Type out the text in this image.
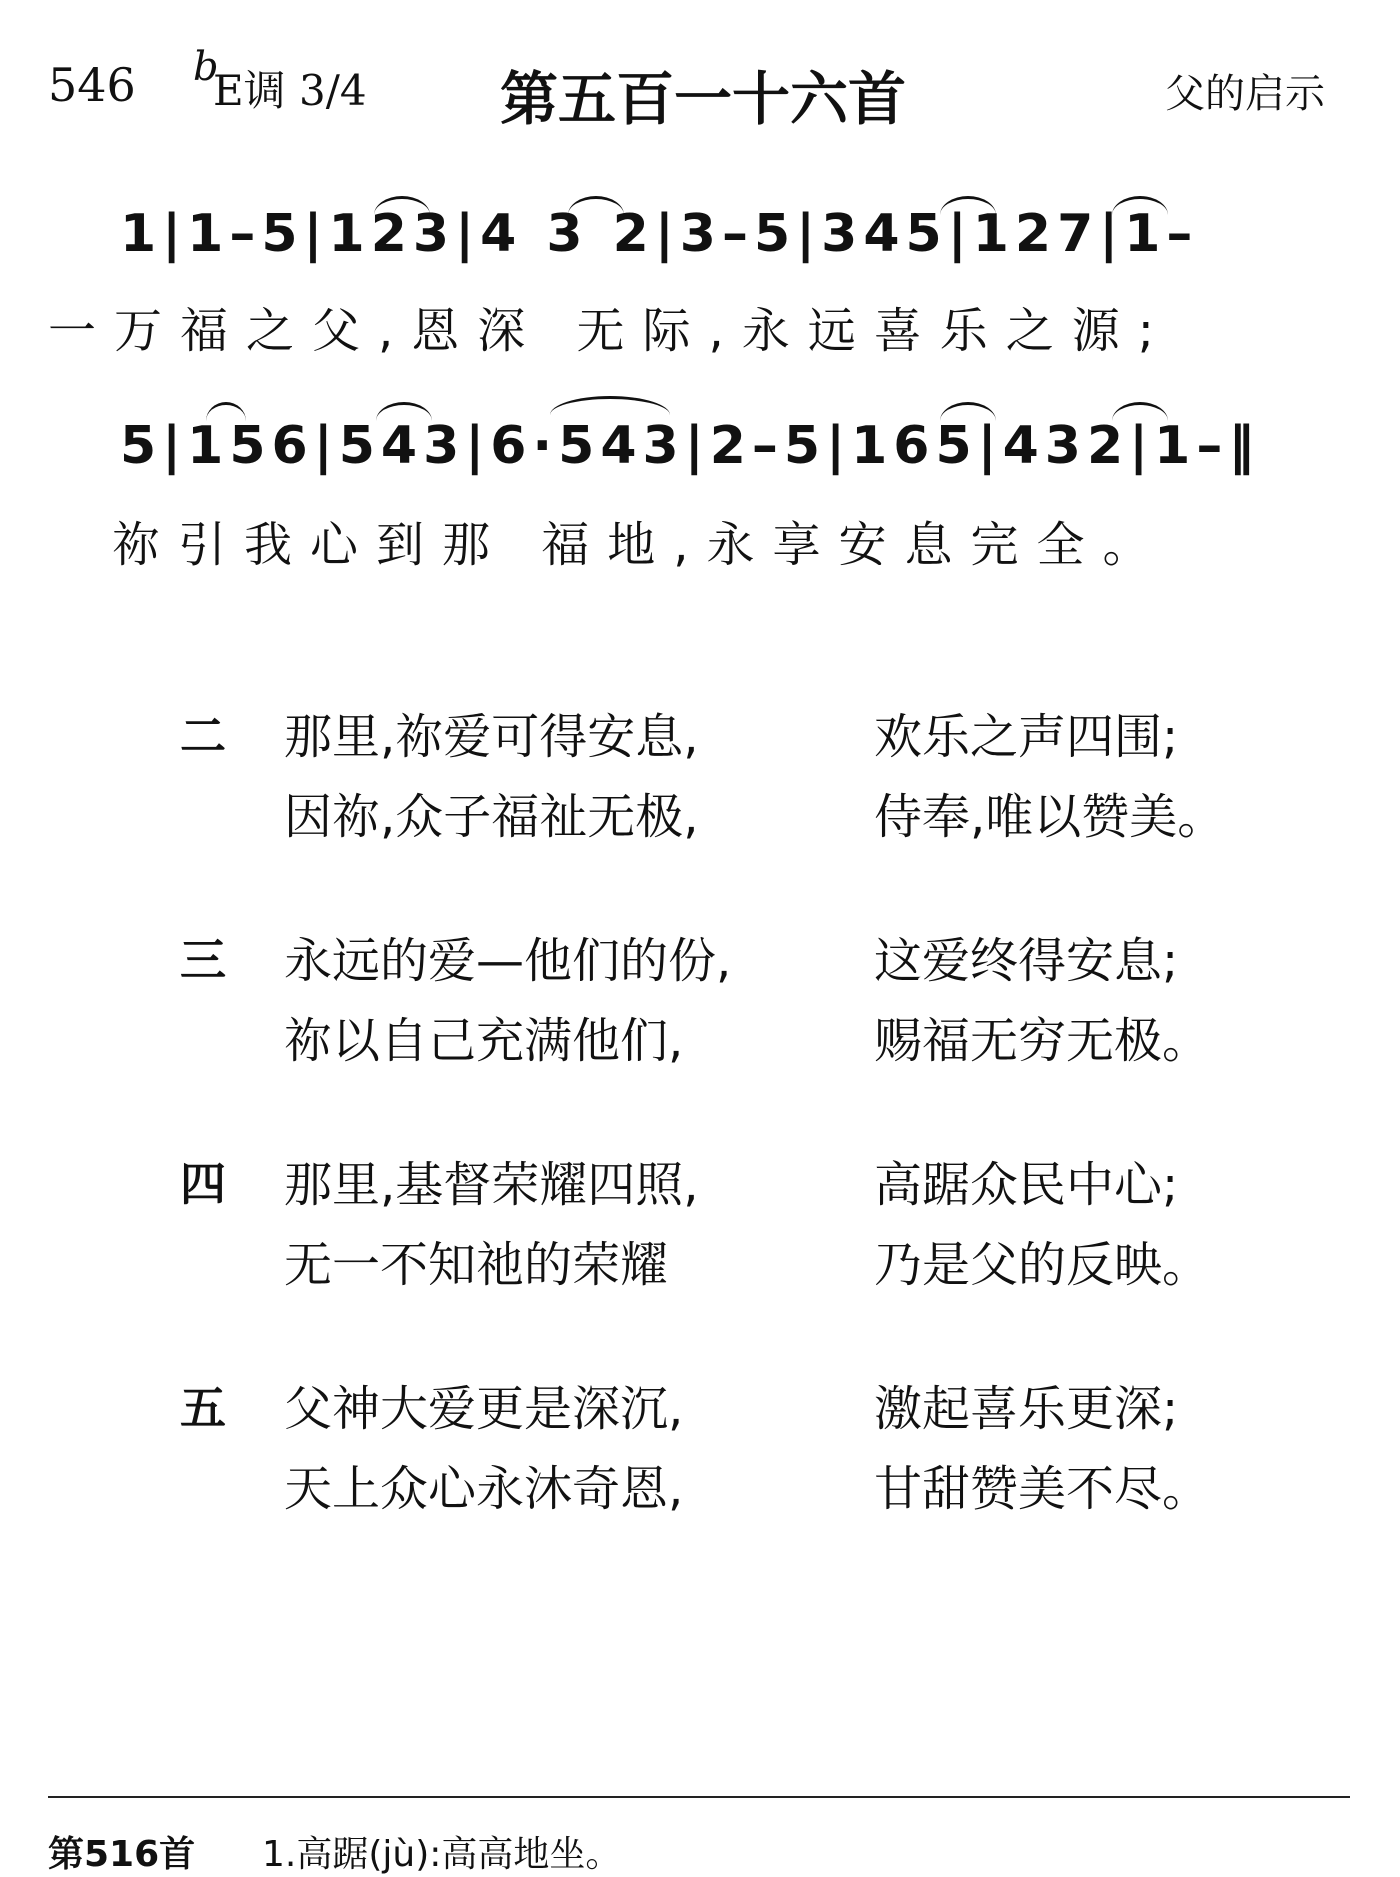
546 b
E调 3/4 第五百一十六首	父的启示
1|1–5|123|4 3 2|3–5|345|127|1–
一万福之父,恩深 无际,永远喜乐之源;
5|156|543|6·543|2–5|165|432|1–‖
祢引我心到那 福地,永享安息完全。
二 那里,祢爱可得安息,	欢乐之声四围;
因祢,众子福祉无极,	侍奉,唯以赞美。
三 永远的爱—他们的份,	这爱终得安息;
祢以自己充满他们,	赐福无穷无极。
四 那里,基督荣耀四照,	高踞众民中心;
无一不知祂的荣耀	乃是父的反映。
五 父神大爱更是深沉,	激起喜乐更深;
天上众心永沐奇恩,	甘甜赞美不尽。
第516首 1.高踞(jù):高高地坐。
